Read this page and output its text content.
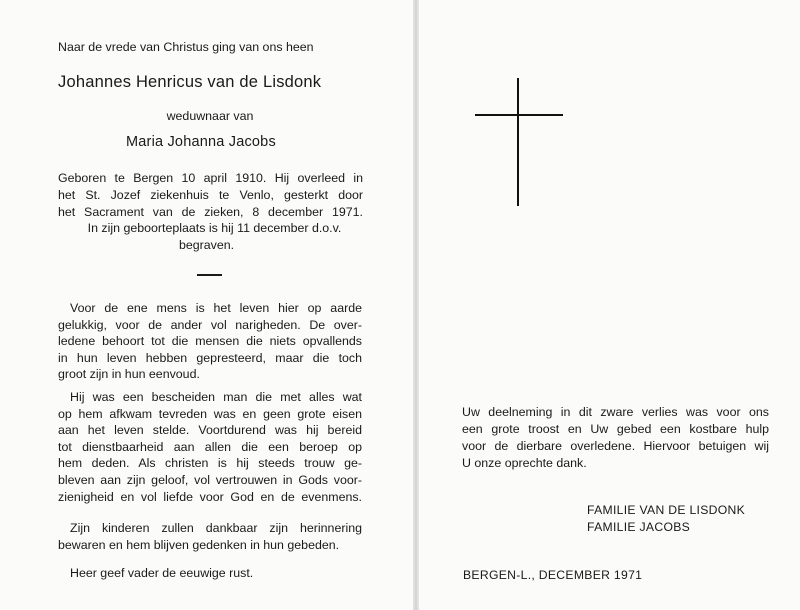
Naar de vrede van Christus ging van ons heen
Johannes Henricus van de Lisdonk
weduwnaar van
Maria Johanna Jacobs
Geboren te Bergen 10 april 1910. Hij overleed in
het St. Jozef ziekenhuis te Venlo, gesterkt door
het Sacrament van de zieken, 8 december 1971.
In zijn geboorteplaats is hij 11 december d.o.v.
begraven.
Voor de ene mens is het leven hier op aarde
gelukkig, voor de ander vol narigheden. De over-
ledene behoort tot die mensen die niets opvallends
in hun leven hebben gepresteerd, maar die toch
groot zijn in hun eenvoud.
Hij was een bescheiden man die met alles wat
op hem afkwam tevreden was en geen grote eisen
aan het leven stelde. Voortdurend was hij bereid
tot dienstbaarheid aan allen die een beroep op
hem deden. Als christen is hij steeds trouw ge-
bleven aan zijn geloof, vol vertrouwen in Gods voor-
zienigheid en vol liefde voor God en de evenmens.
Zijn kinderen zullen dankbaar zijn herinnering
bewaren en hem blijven gedenken in hun gebeden.
Heer geef vader de eeuwige rust.
Uw deelneming in dit zware verlies was voor ons
een grote troost en Uw gebed een kostbare hulp
voor de dierbare overledene. Hiervoor betuigen wij
U onze oprechte dank.
FAMILIE VAN DE LISDONK
FAMILIE JACOBS
BERGEN-L., DECEMBER 1971
